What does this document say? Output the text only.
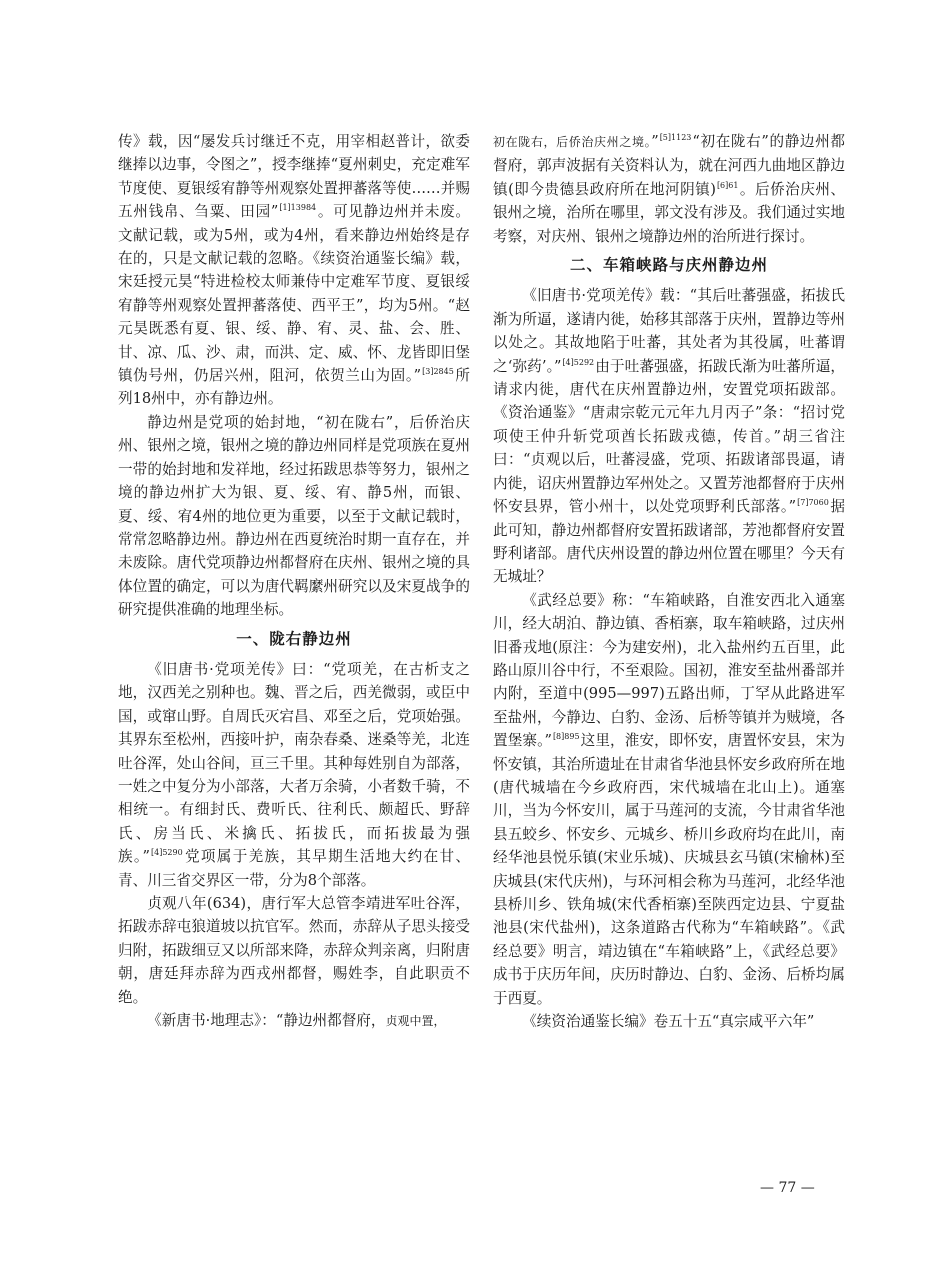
传》载，因“屡发兵讨继迁不克，用宰相赵普计，欲委继捧以边事，令图之”，授李继捧“夏州刺史，充定难军节度使、夏银绥宥静等州观察处置押蕃落等使……并赐五州钱帛、刍粟、田园”$^{[1]13984}$。可见静边州并未废。文献记载，或为5州，或为4州，看来静边州始终是存在的，只是文献记载的忽略。《续资治通鉴长编》载，宋廷授元昊“特进检校太师兼侍中定难军节度、夏银绥宥静等州观察处置押蕃落使、西平王”，均为5州。“赵元昊既悉有夏、银、绥、静、宥、灵、盐、会、胜、甘、凉、瓜、沙、肃，而洪、定、威、怀、龙皆即旧堡镇伪号州，仍居兴州，阻河，依贺兰山为固。”$^{[3]2845}$所列18州中，亦有静边州。

静边州是党项的始封地，“初在陇右”，后侨治庆州、银州之境，银州之境的静边州同样是党项族在夏州一带的始封地和发祥地，经过拓跋思恭等努力，银州之境的静边州扩大为银、夏、绥、宥、静5州，而银、夏、绥、宥4州的地位更为重要，以至于文献记载时，常常忽略静边州。静边州在西夏统治时期一直存在，并未废除。唐代党项静边州都督府在庆州、银州之境的具体位置的确定，可以为唐代羁縻州研究以及宋夏战争的研究提供准确的地理坐标。

一、陇右静边州

《旧唐书·党项羌传》曰：“党项羌，在古析支之地，汉西羌之别种也。魏、晋之后，西羌微弱，或臣中国，或窜山野。自周氏灭宕昌、邓至之后，党项始强。其界东至松州，西接叶护，南杂春桑、迷桑等羌，北连吐谷浑，处山谷间，亘三千里。其种每姓别自为部落，一姓之中复分为小部落，大者万余骑，小者数千骑，不相统一。有细封氏、费听氏、往利氏、颇超氏、野辞氏、房当氏、米擒氏、拓拔氏，而拓拔最为强族。”$^{[4]5290}$党项属于羌族，其早期生活地大约在甘、青、川三省交界区一带，分为8个部落。

贞观八年(634)，唐行军大总管李靖进军吐谷浑，拓跋赤辞屯狼道坡以抗官军。然而，赤辞从子思头接受归附，拓跋细豆又以所部来降，赤辞众判亲离，归附唐朝，唐廷拜赤辞为西戎州都督，赐姓李，自此职贡不绝。

《新唐书·地理志》：“静边州都督府，贞观中置，

初在陇右，后侨治庆州之境。”$^{[5]1123}$“初在陇右”的静边州都督府，郭声波据有关资料认为，就在河西九曲地区静边镇(即今贵德县政府所在地河阴镇)$^{[6]61}$。后侨治庆州、银州之境，治所在哪里，郭文没有涉及。我们通过实地考察，对庆州、银州之境静边州的治所进行探讨。

二、车箱峡路与庆州静边州

《旧唐书·党项羌传》载：“其后吐蕃强盛，拓拔氏渐为所逼，遂请内徙，始移其部落于庆州，置静边等州以处之。其故地陷于吐蕃，其处者为其役属，吐蕃谓之‘弥药’。”$^{[4]5292}$由于吐蕃强盛，拓跋氏渐为吐蕃所逼，请求内徙，唐代在庆州置静边州，安置党项拓跋部。《资治通鉴》“唐肃宗乾元元年九月丙子”条：“招讨党项使王仲升斩党项酋长拓跋戎德，传首。”胡三省注曰：“贞观以后，吐蕃浸盛，党项、拓跋诸部畏逼，请内徙，诏庆州置静边军州处之。又置芳池都督府于庆州怀安县界，管小州十，以处党项野利氏部落。”$^{[7]7060}$据此可知，静边州都督府安置拓跋诸部，芳池都督府安置野利诸部。唐代庆州设置的静边州位置在哪里？今天有无城址？

《武经总要》称：“车箱峡路，自淮安西北入通塞川，经大胡泊、静边镇、香栢寨，取车箱峡路，过庆州旧番戎地(原注：今为建安州)，北入盐州约五百里，此路山原川谷中行，不至艰险。国初，淮安至盐州番部并内附，至道中(995—997)五路出师，丁罕从此路进军至盐州，今静边、白豹、金汤、后桥等镇并为贼境，各置堡寨。”$^{[8]895}$这里，淮安，即怀安，唐置怀安县，宋为怀安镇，其治所遗址在甘肃省华池县怀安乡政府所在地(唐代城墙在今乡政府西，宋代城墙在北山上)。通塞川，当为今怀安川，属于马莲河的支流，今甘肃省华池县五蛟乡、怀安乡、元城乡、桥川乡政府均在此川，南经华池县悦乐镇(宋业乐城)、庆城县玄马镇(宋榆林)至庆城县(宋代庆州)，与环河相会称为马莲河，北经华池县桥川乡、铁角城(宋代香栢寨)至陕西定边县、宁夏盐池县(宋代盐州)，这条道路古代称为“车箱峡路”。《武经总要》明言，靖边镇在“车箱峡路”上，《武经总要》成书于庆历年间，庆历时静边、白豹、金汤、后桥均属于西夏。

《续资治通鉴长编》卷五十五“真宗咸平六年”

— 77 —
